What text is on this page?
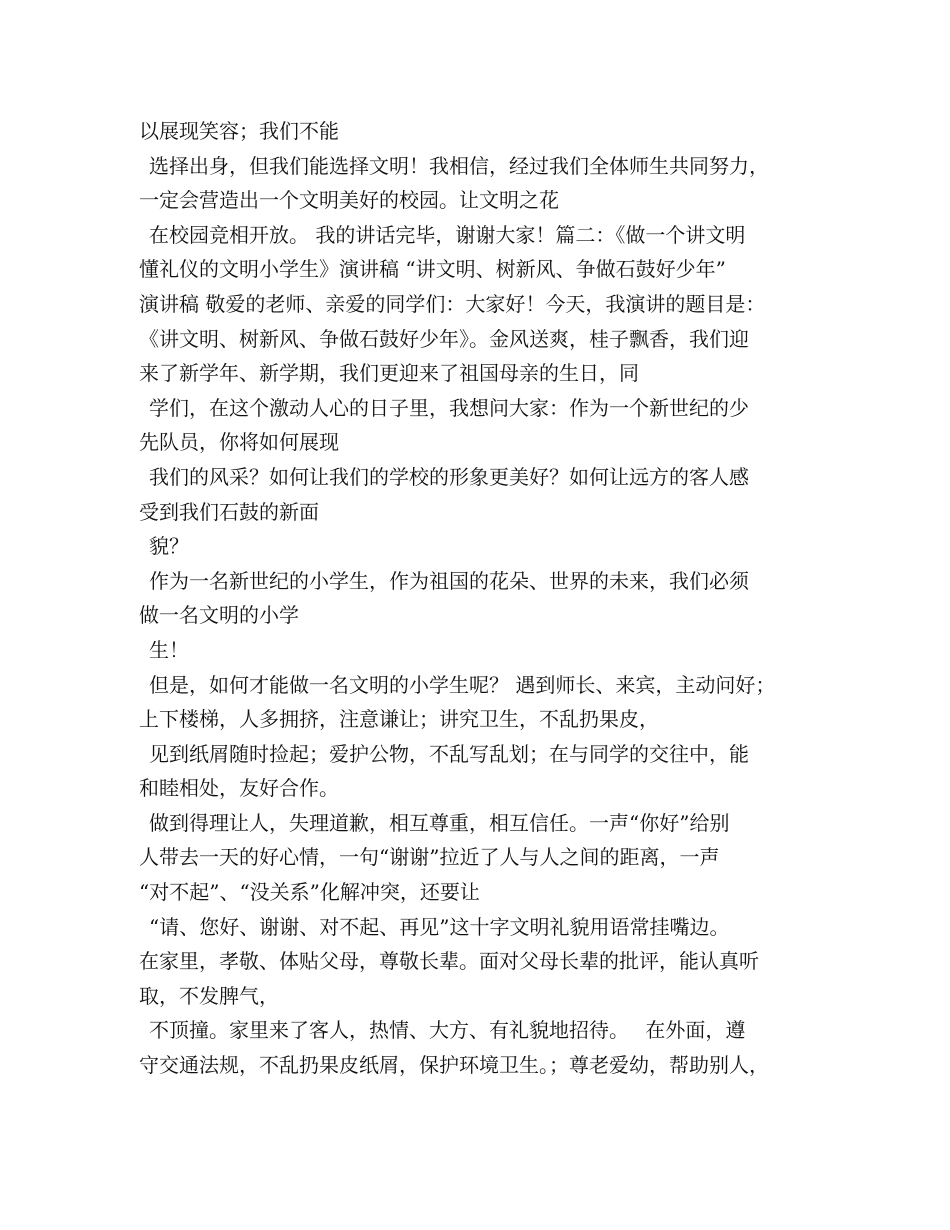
以展现笑容；我们不能
选择出身，但我们能选择文明！我相信，经过我们全体师生共同努力，
一定会营造出一个文明美好的校园。让文明之花
在校园竞相开放。 我的讲话完毕，谢谢大家！篇二：《做一个讲文明
懂礼仪的文明小学生》演讲稿 “讲文明、树新风、争做石鼓好少年”
演讲稿 敬爱的老师、亲爱的同学们：大家好！今天，我演讲的题目是：
《讲文明、树新风、争做石鼓好少年》。金风送爽，桂子飘香，我们迎
来了新学年、新学期，我们更迎来了祖国母亲的生日，同
学们，在这个激动人心的日子里，我想问大家：作为一个新世纪的少
先队员，你将如何展现
我们的风采？如何让我们的学校的形象更美好？如何让远方的客人感
受到我们石鼓的新面
貌？
作为一名新世纪的小学生，作为祖国的花朵、世界的未来，我们必须
做一名文明的小学
生！
但是，如何才能做一名文明的小学生呢？ 遇到师长、来宾，主动问好；
上下楼梯，人多拥挤，注意谦让；讲究卫生，不乱扔果皮，
见到纸屑随时捡起；爱护公物，不乱写乱划；在与同学的交往中，能
和睦相处，友好合作。
做到得理让人，失理道歉，相互尊重，相互信任。一声“你好”给别
人带去一天的好心情，一句“谢谢”拉近了人与人之间的距离，一声
“对不起”、“没关系”化解冲突，还要让
“请、您好、谢谢、对不起、再见”这十字文明礼貌用语常挂嘴边。
在家里，孝敬、体贴父母，尊敬长辈。面对父母长辈的批评，能认真听
取，不发脾气，
不顶撞。家里来了客人，热情、大方、有礼貌地招待。　 在外面，遵
守交通法规，不乱扔果皮纸屑，保护环境卫生。；尊老爱幼，帮助别人，
